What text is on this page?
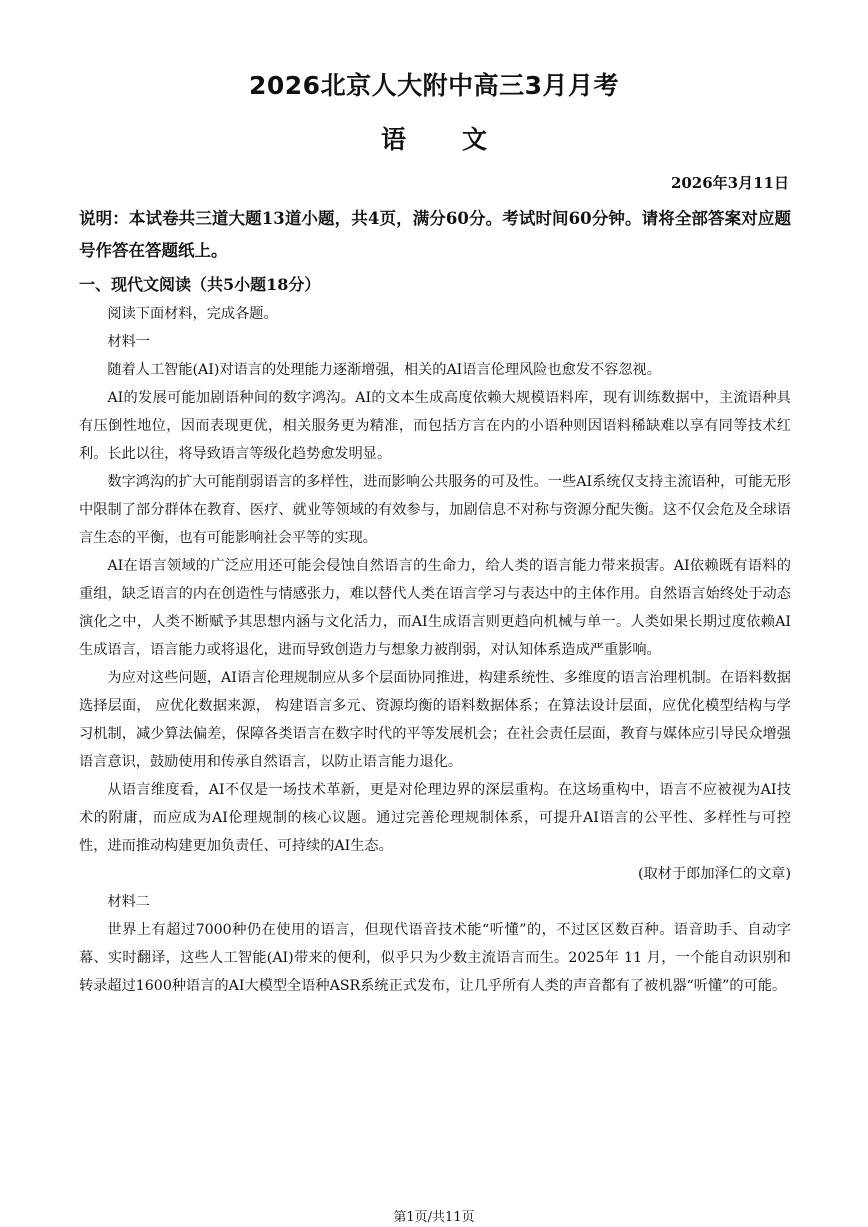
2026北京人大附中高三3月月考
语 文
2026年3月11日
说明：本试卷共三道大题13道小题，共4页，满分60分。考试时间60分钟。请将全部答案对应题号作答在答题纸上。
一、现代文阅读（共5小题18分）

阅读下面材料，完成各题。

材料一

随着人工智能(AI)对语言的处理能力逐渐增强，相关的AI语言伦理风险也愈发不容忽视。

AI的发展可能加剧语种间的数字鸿沟。AI的文本生成高度依赖大规模语料库，现有训练数据中，主流语种具有压倒性地位，因而表现更优，相关服务更为精准，而包括方言在内的小语种则因语料稀缺难以享有同等技术红利。长此以往，将导致语言等级化趋势愈发明显。

数字鸿沟的扩大可能削弱语言的多样性，进而影响公共服务的可及性。一些AI系统仅支持主流语种，可能无形中限制了部分群体在教育、医疗、就业等领域的有效参与，加剧信息不对称与资源分配失衡。这不仅会危及全球语言生态的平衡，也有可能影响社会平等的实现。

AI在语言领域的广泛应用还可能会侵蚀自然语言的生命力，给人类的语言能力带来损害。AI依赖既有语料的重组，缺乏语言的内在创造性与情感张力，难以替代人类在语言学习与表达中的主体作用。自然语言始终处于动态演化之中，人类不断赋予其思想内涵与文化活力，而AI生成语言则更趋向机械与单一。人类如果长期过度依赖AI生成语言，语言能力或将退化，进而导致创造力与想象力被削弱，对认知体系造成严重影响。

为应对这些问题，AI语言伦理规制应从多个层面协同推进，构建系统性、多维度的语言治理机制。在语料数据选择层面， 应优化数据来源， 构建语言多元、资源均衡的语料数据体系；在算法设计层面，应优化模型结构与学习机制，减少算法偏差，保障各类语言在数字时代的平等发展机会；在社会责任层面，教育与媒体应引导民众增强语言意识，鼓励使用和传承自然语言，以防止语言能力退化。

从语言维度看，AI不仅是一场技术革新，更是对伦理边界的深层重构。在这场重构中，语言不应被视为AI技术的附庸，而应成为AI伦理规制的核心议题。通过完善伦理规制体系，可提升AI语言的公平性、多样性与可控性，进而推动构建更加负责任、可持续的AI生态。

(取材于郎加泽仁的文章)

材料二

世界上有超过7000种仍在使用的语言，但现代语音技术能“听懂”的，不过区区数百种。语音助手、自动字幕、实时翻译，这些人工智能(AI)带来的便利，似乎只为少数主流语言而生。2025年 11 月，一个能自动识别和转录超过1600种语言的AI大模型全语种ASR系统正式发布，让几乎所有人类的声音都有了被机器“听懂”的可能。

第1页/共11页
